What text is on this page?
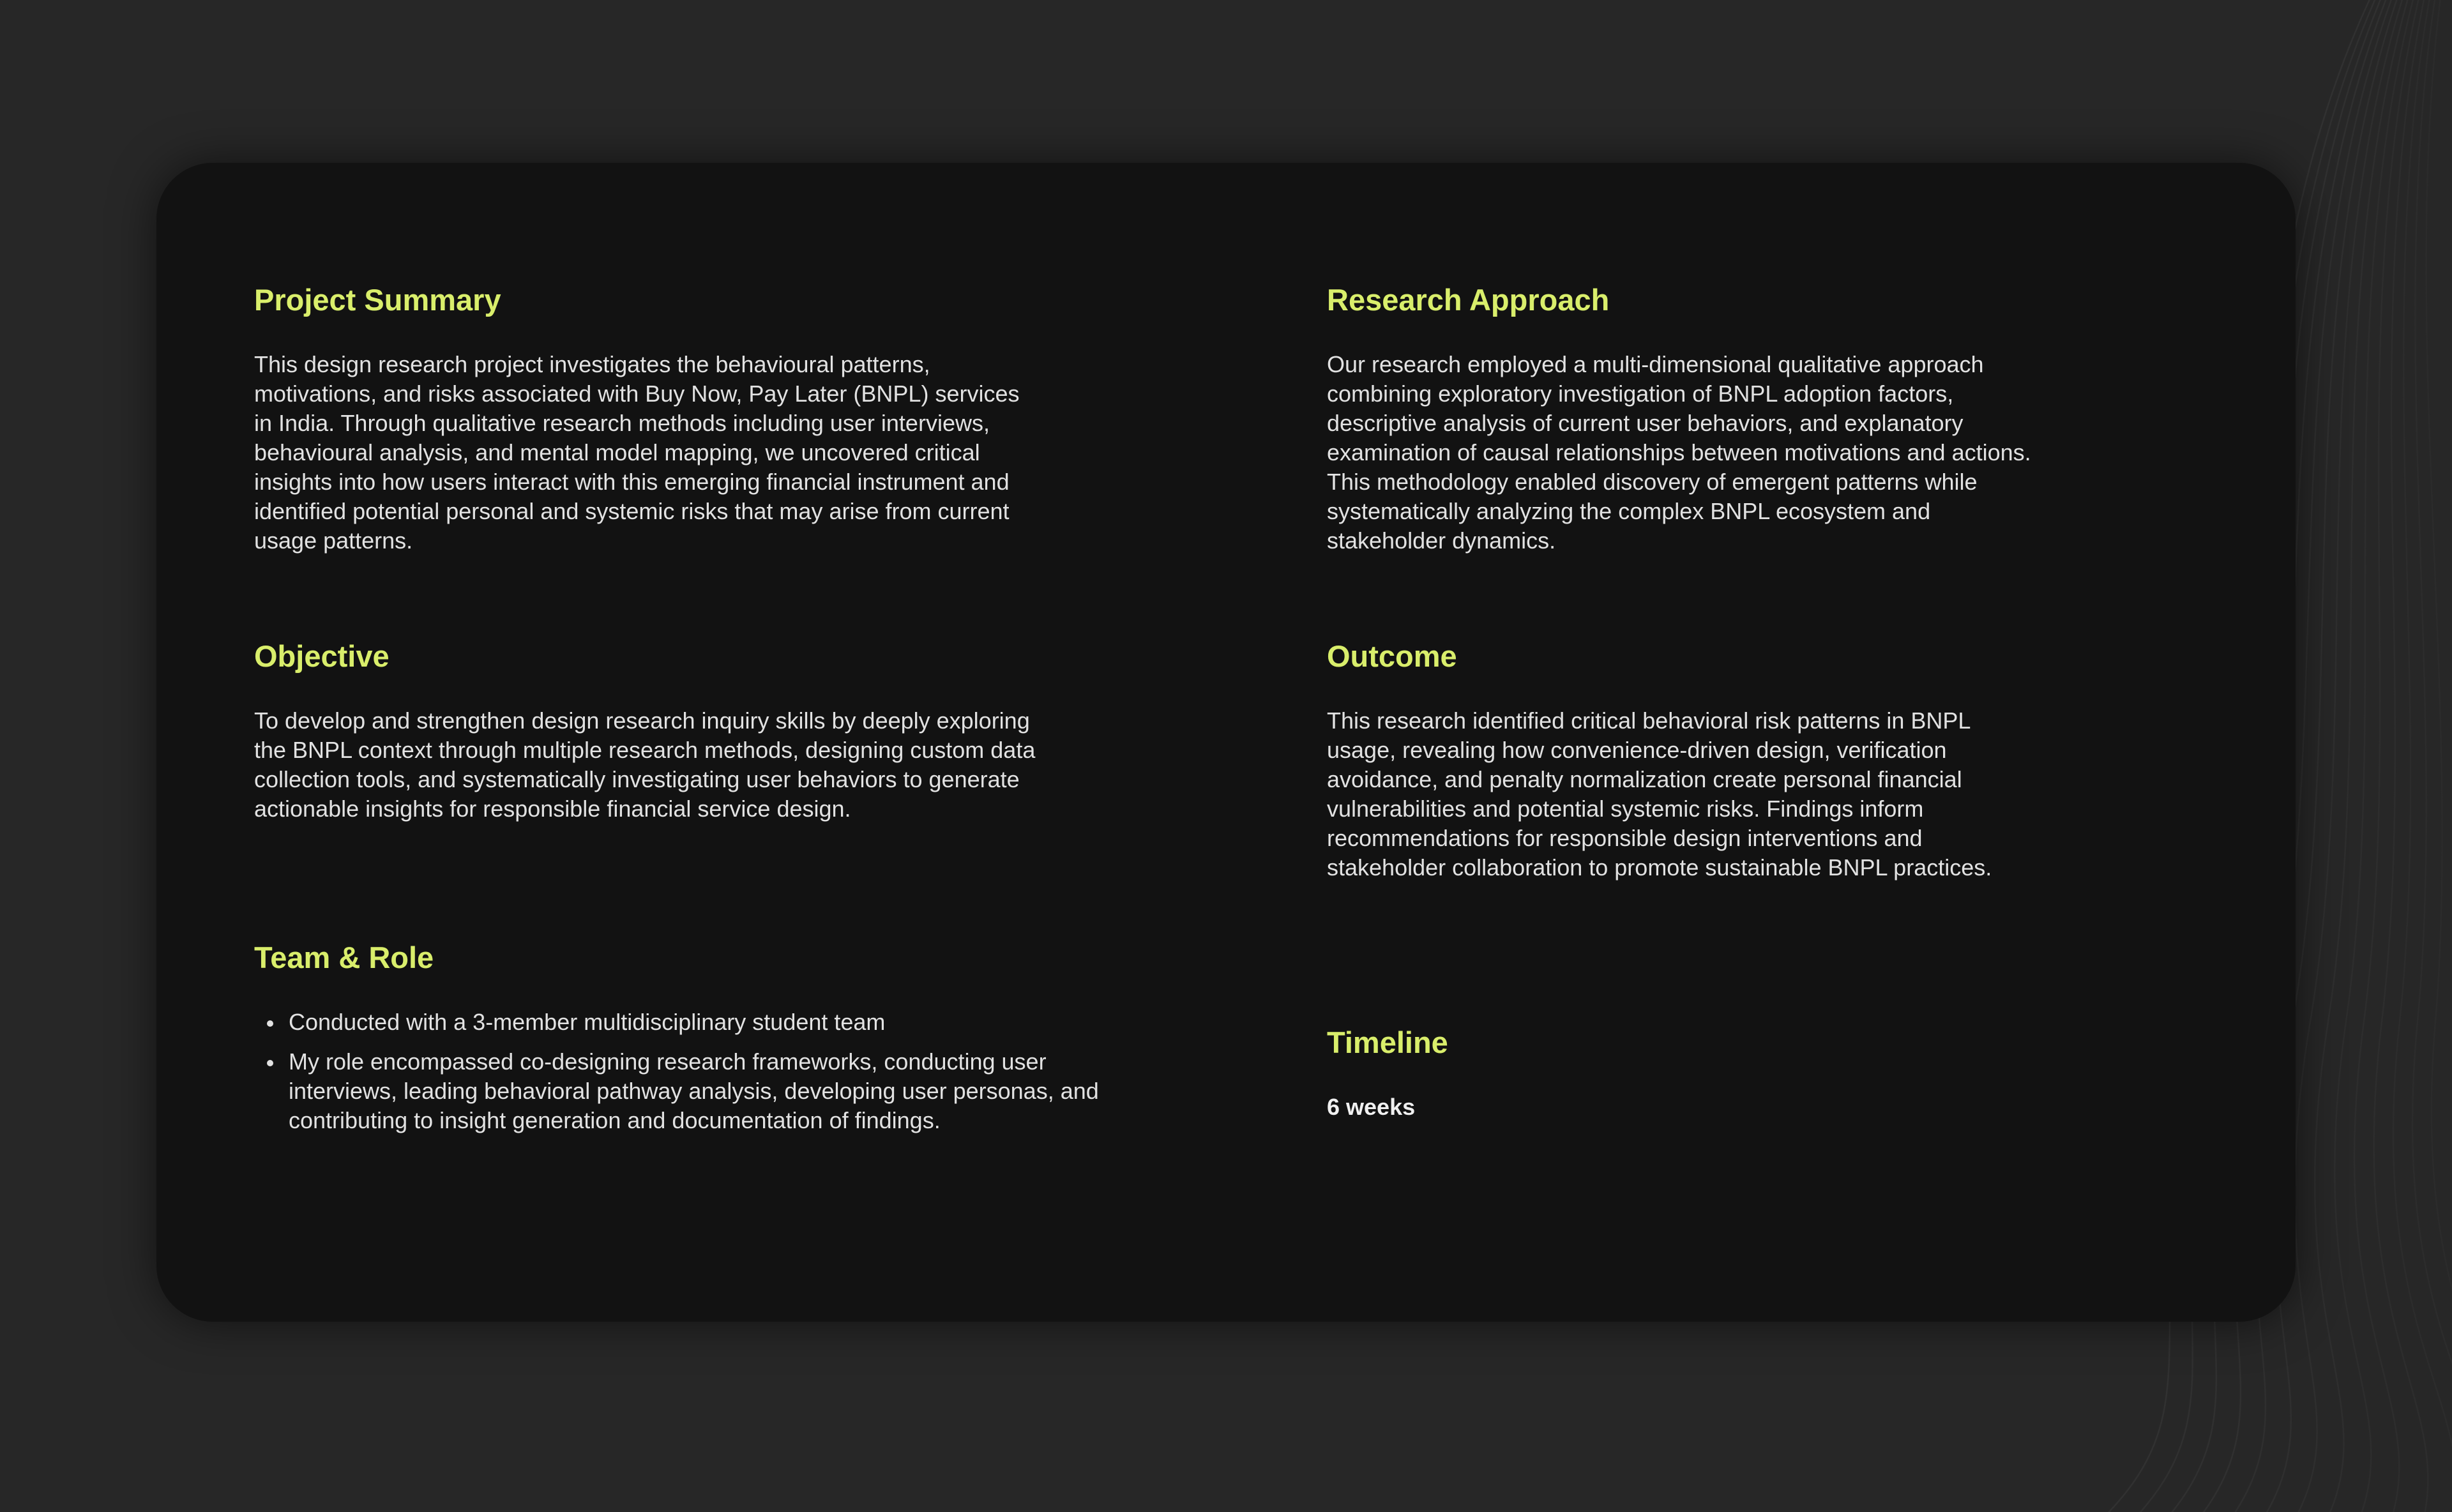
Project Summary

This design research project investigates the behavioural patterns,
motivations, and risks associated with Buy Now, Pay Later (BNPL) services
in India. Through qualitative research methods including user interviews,
behavioural analysis, and mental model mapping, we uncovered critical
insights into how users interact with this emerging financial instrument and
identified potential personal and systemic risks that may arise from current
usage patterns.

Research Approach

Our research employed a multi-dimensional qualitative approach
combining exploratory investigation of BNPL adoption factors,
descriptive analysis of current user behaviors, and explanatory
examination of causal relationships between motivations and actions.
This methodology enabled discovery of emergent patterns while
systematically analyzing the complex BNPL ecosystem and
stakeholder dynamics.

Objective

To develop and strengthen design research inquiry skills by deeply exploring
the BNPL context through multiple research methods, designing custom data
collection tools, and systematically investigating user behaviors to generate
actionable insights for responsible financial service design.

Outcome

This research identified critical behavioral risk patterns in BNPL
usage, revealing how convenience-driven design, verification
avoidance, and penalty normalization create personal financial
vulnerabilities and potential systemic risks. Findings inform
recommendations for responsible design interventions and
stakeholder collaboration to promote sustainable BNPL practices.

Team & Role
Conducted with a 3-member multidisciplinary student team
My role encompassed co-designing research frameworks, conducting user
interviews, leading behavioral pathway analysis, developing user personas, and
contributing to insight generation and documentation of findings.
Timeline

6 weeks
